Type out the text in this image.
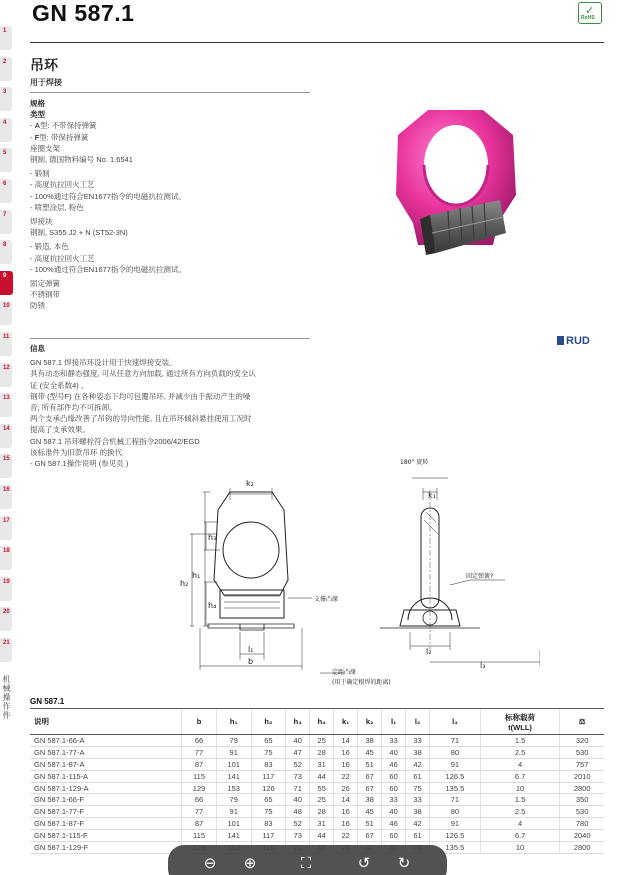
1
2
3
4
5
6
7
8
9
10
11
12
13
14
15
16
17
18
19
20
21
机械操作件
GN 587.1	✓
RoHS
吊环
用于焊接
规格
类型
- A型: 不带保持弹簧
- F型: 带保持弹簧
座圈支架
钢制, 德国物料编号 No. 1.6541
- 锻制
- 高度抗拉回火工艺
- 100%通过符合EN1677指令的电磁抗拉测试。
- 喷塑涂层, 粉色
焊接块
钢制, S355 J2 + N (ST52-3N)
- 锻造, 本色
- 高度抗拉回火工艺
- 100%通过符合EN1677指令的电磁抗拉测试。
固定弹簧
不锈钢带
防锈
信息
GN 587.1 焊接吊环设计用于快速焊接安装。
具有动态和静态强度, 可从任意方向加载, 通过所有方向负载的安全认
证 (安全系数4) 。
钢带 (型号F) 在各种姿态下均可包覆吊环, 并减少由于振动产生的噪
音, 所有部件均不可拆卸。
两个支承凸缘改善了吊钩的导向性能, 且在吊环倾斜悬挂使用工况时
提高了支承效果。
GN 587.1 吊环螺栓符合机械工程指令2006/42/EGD
该标准件为旧款吊环 的换代
- GN 587.1操作说明 (参见页 )
RUD
k₂
h₁
h₂
h₃
h₄
l₁
b
支撑凸缘
180° 旋转
k₁
固定弹簧?
l₂
l₃
定距凸缘
(用于确定根焊的距离)
GN 587.1
说明	b	h₁	h₂	h₃	h₄	k₁	k₂	l₁	l₂	l₃	标称载荷
t(WLL)	⚖
GN 587.1-66-A	66	79	65	40	25	14	38	33	33	71	1.5	320
GN 587.1-77-A	77	91	75	47	28	16	45	40	38	80	2.5	530
GN 587.1-87-A	87	101	83	52	31	16	51	46	42	91	4	757
GN 587.1-115-A	115	141	117	73	44	22	67	60	61	126.5	6.7	2010
GN 587.1-129-A	129	153	126	71	55	26	67	60	75	135.5	10	2800
GN 587.1-66-F	66	79	65	40	25	14	38	33	33	71	1.5	350
GN 587.1-77-F	77	91	75	48	28	16	45	40	38	80	2.5	530
GN 587.1-87-F	87	101	83	52	31	16	51	46	42	91	4	780
GN 587.1-115-F	115	141	117	73	44	22	67	60	61	126.5	6.7	2040
GN 587.1-129-F										135.5	10	2800
⊖ ⊕	⛶	↺ ↻
